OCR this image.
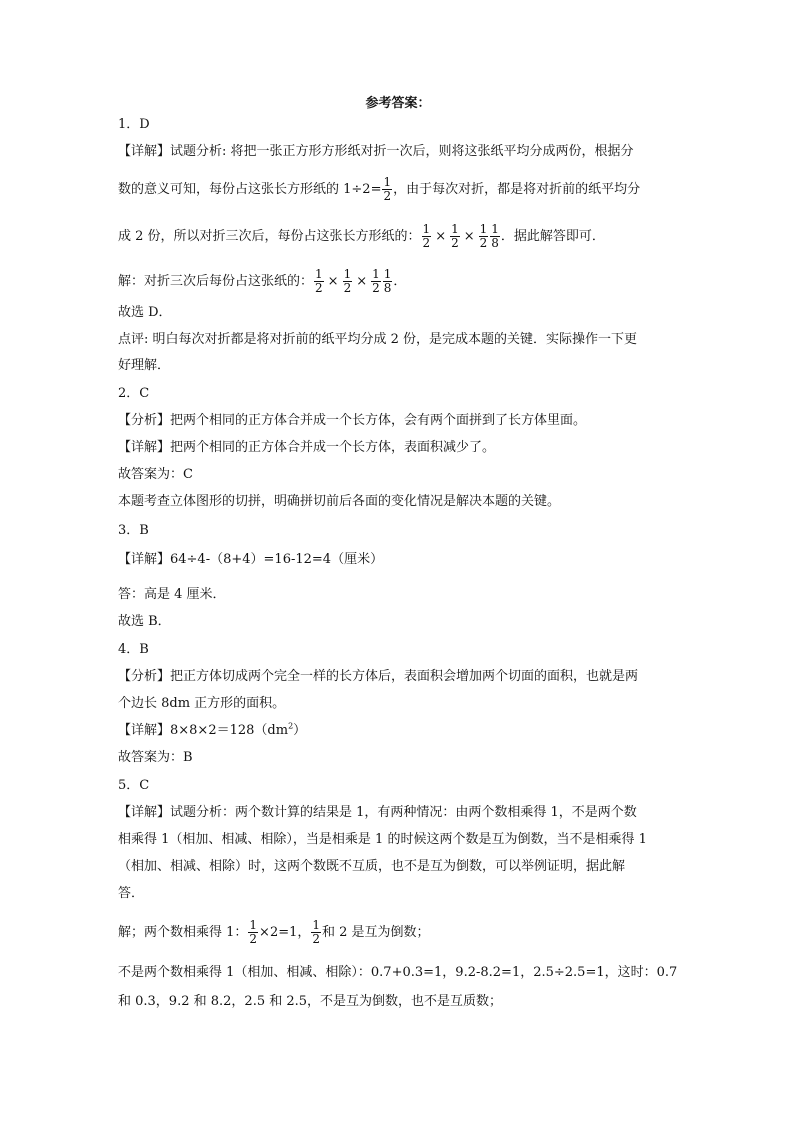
参考答案：
1．D
【详解】试题分析: 将把一张正方形方形纸对折一次后，则将这张纸平均分成两份，根据分
数的意义可知，每份占这张长方形纸的 $1\div 2= \frac{1}{2}$ ，由于每次对折，都是将对折前的纸平均分
成 2 份，所以对折三次后，每份占这张长方形纸的： $\frac{1}{2} \times \frac{1}{2} \times \frac{1}{2} \frac{1}{8}$ ．据此解答即可．
解：对折三次后每份占这张纸的： $\frac{1}{2} \times \frac{1}{2} \times \frac{1}{2} \frac{1}{8}$ ．
故选 D．
点评: 明白每次对折都是将对折前的纸平均分成 2 份，是完成本题的关键．实际操作一下更
好理解．
2．C
【分析】把两个相同的正方体合并成一个长方体，会有两个面拼到了长方体里面。
【详解】把两个相同的正方体合并成一个长方体，表面积减少了。
故答案为：C
本题考查立体图形的切拼，明确拼切前后各面的变化情况是解决本题的关键。
3．B
【详解】64÷4-（8+4）=16-12=4（厘米）
答：高是 4 厘米．
故选 B．
4．B
【分析】把正方体切成两个完全一样的长方体后，表面积会增加两个切面的面积，也就是两
个边长 8dm 正方形的面积。
【详解】$8\times 8\times 2=128(dm^2)$
故答案为：B
5．C
【详解】试题分析：两个数计算的结果是 1，有两种情况：由两个数相乘得 1，不是两个数
相乘得 1（相加、相减、相除），当是相乘是 1 的时候这两个数是互为倒数，当不是相乘得 1
（相加、相减、相除）时，这两个数既不互质，也不是互为倒数，可以举例证明，据此解
答．
解；两个数相乘得 1： $\frac{1}{2} \times 2=1$， $\frac{1}{2}$ 和 2 是互为倒数；
不是两个数相乘得 1（相加、相减、相除）：0.7+0.3=1，9.2-8.2=1，2.5÷2.5=1，这时：0.7
和 0.3，9.2 和 8.2，2.5 和 2.5，不是互为倒数，也不是互质数；
